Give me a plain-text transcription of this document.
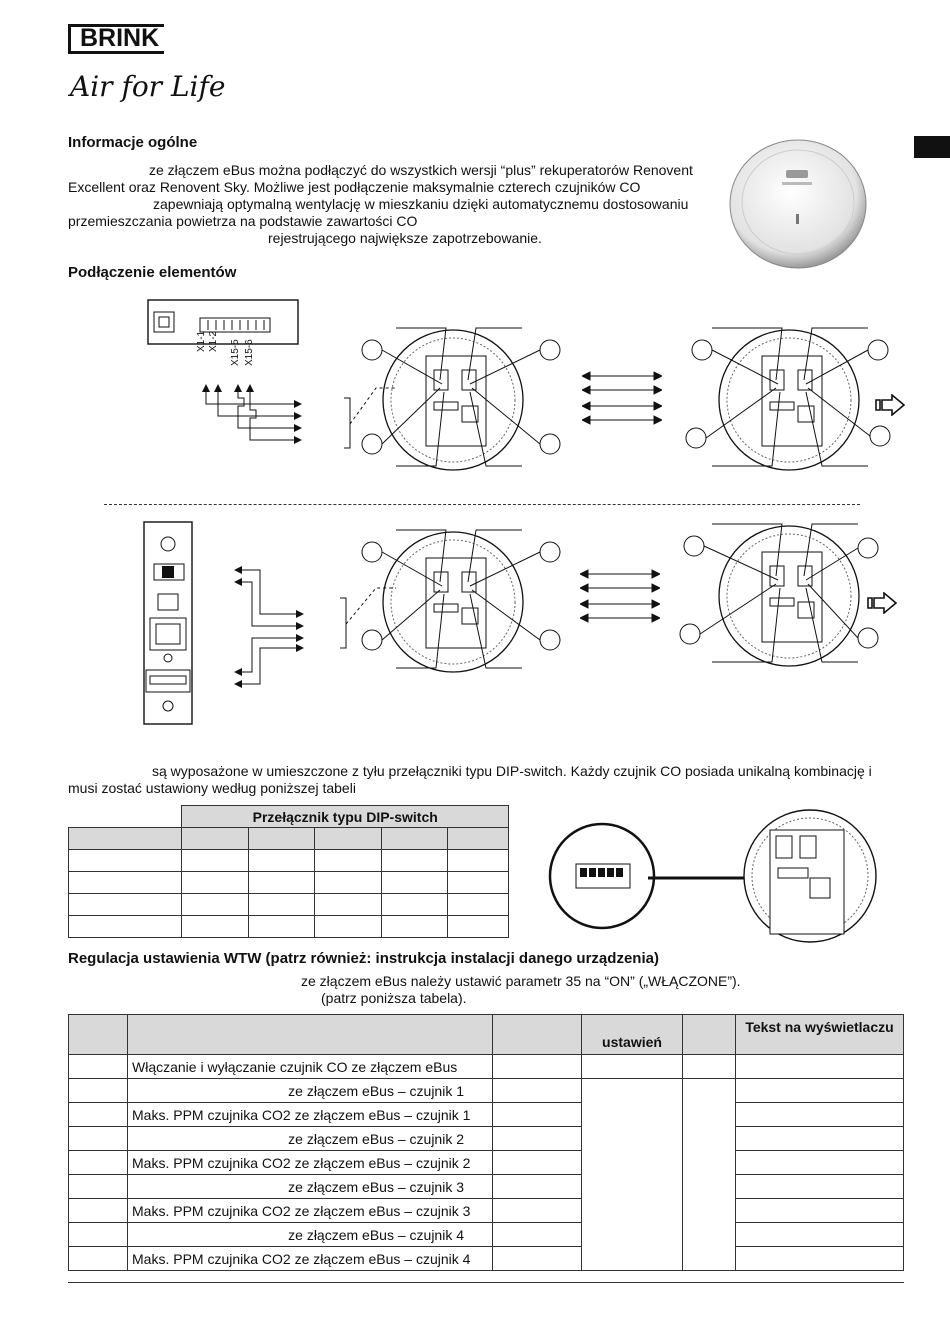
BRINK
Air for Life
Informacje ogólne
ze złączem eBus można podłączyć do wszystkich wersji “plus” rekuperatorów Renovent
Excellent oraz Renovent Sky. Możliwe jest podłączenie maksymalnie czterech czujników CO
zapewniają optymalną wentylację w mieszkaniu dzięki automatycznemu dostosowaniu
przemieszczania powietrza na podstawie zawartości CO
rejestrującego największe zapotrzebowanie.
Podłączenie elementów
X1-1 X1-2 X15-5 X15-6
są wyposażone w umieszczone z tyłu przełączniki typu DIP-switch. Każdy czujnik CO posiada unikalną kombinację i
musi zostać ustawiony według poniższej tabeli
	Przełącznik typu DIP-switch				

Regulacja ustawienia WTW (patrz również: instrukcja instalacji danego urządzenia)
ze złączem eBus należy ustawić parametr 35 na “ON” („WŁĄCZONE”).
(patrz poniższa tabela).
			ustawień		Tekst na wyświetlaczu
	Włączanie i wyłączanie czujnik CO ze złączem eBus				
	ze złączem eBus – czujnik 1				
	Maks. PPM czujnika CO2 ze złączem eBus – czujnik 1				
	ze złączem eBus – czujnik 2				
	Maks. PPM czujnika CO2 ze złączem eBus – czujnik 2				
	ze złączem eBus – czujnik 3				
	Maks. PPM czujnika CO2 ze złączem eBus – czujnik 3				
	ze złączem eBus – czujnik 4				
	Maks. PPM czujnika CO2 ze złączem eBus – czujnik 4				
